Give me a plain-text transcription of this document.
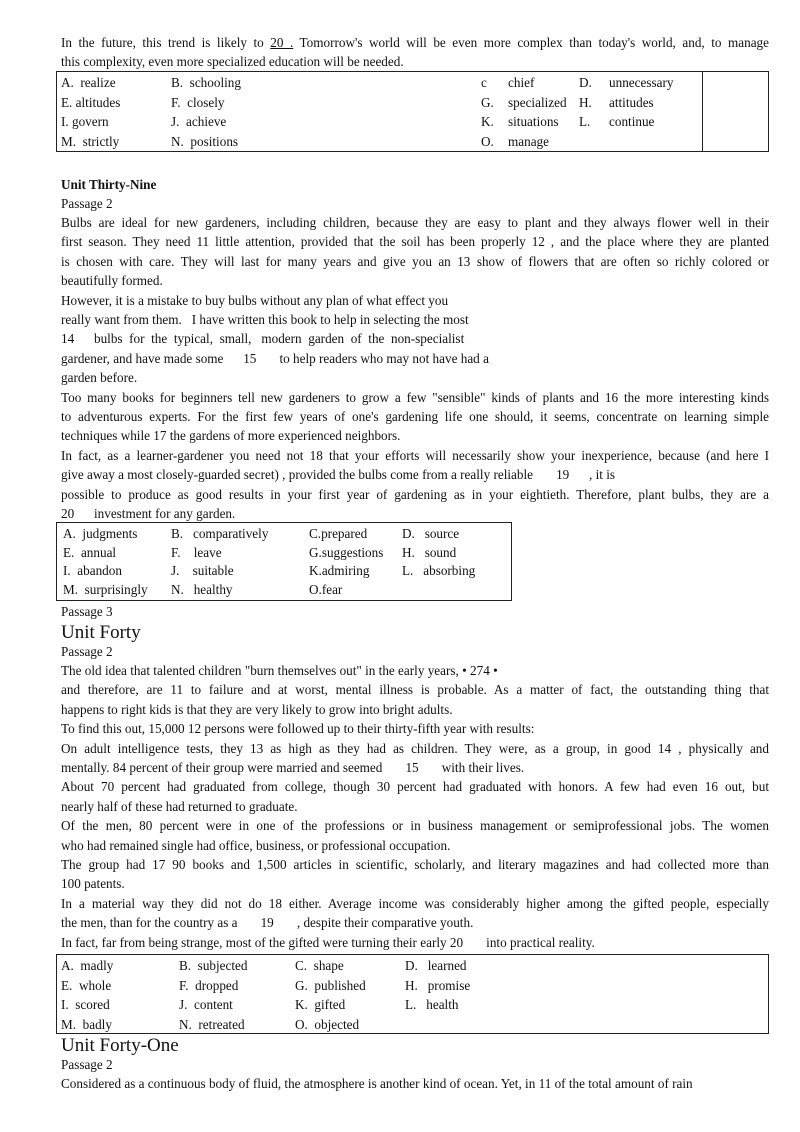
In the future, this trend is likely to 20 . Tomorrow's world will be even more complex than today's world, and, to manage
this complexity, even more specialized education will be needed.
A.  realize	B.  schooling	c chief	D. unnecessary
E. altitudes	F.  closely	G. specialized H. attitudes
I. govern	J.  achieve	K. situations L. continue
M.  strictly	N.  positions	O. manage
Unit Thirty-Nine
Passage 2
Bulbs are ideal for new gardeners, including children, because they are easy to plant and they always flower well in their
first season. They need 11 little attention, provided that the soil has been properly 12 , and the place where they are planted
is chosen with care. They will last for many years and give you an 13 show of flowers that are often so richly colored or
beautifully formed.
However, it is a mistake to buy bulbs without any plan of what effect you
really want from them.   I have written this book to help in selecting the most
14      bulbs  for  the  typical,  small,   modern  garden  of  the  non-specialist
gardener, and have made some      15       to help readers who may not have had a
garden before.
Too many books for beginners tell new gardeners to grow a few "sensible" kinds of plants and 16 the more interesting kinds
to adventurous experts. For the first few years of one's gardening life one should, it seems, concentrate on learning simple
techniques while 17 the gardens of more experienced neighbors.
In fact, as a learner-gardener you need not 18 that your efforts will necessarily show your inexperience, because (and here I
give away a most closely-guarded secret) , provided the bulbs come from a really reliable       19      , it is
possible to produce as good results in your first year of gardening as in your eightieth. Therefore, plant bulbs, they are a
20      investment for any garden.
A.  judgments	B.   comparatively	C.prepared	D.   source
E.  annual	F.    leave	G.suggestions H.   sound
I.  abandon	J.    suitable	K.admiring L.   absorbing
M.  surprisingly N.   healthy	O.fear
Passage 3
Unit Forty
Passage 2
The old idea that talented children "burn themselves out" in the early years, • 274 •
and therefore, are 11 to failure and at worst, mental illness is probable. As a matter of fact, the outstanding thing that
happens to right kids is that they are very likely to grow into bright adults.
To find this out, 15,000 12 persons were followed up to their thirty-fifth year with results:
On adult intelligence tests, they 13 as high as they had as children. They were, as a group, in good 14 , physically and
mentally. 84 percent of their group were married and seemed       15       with their lives.
About 70 percent had graduated from college, though 30 percent had graduated with honors. A few had even 16 out, but
nearly half of these had returned to graduate.
Of the men, 80 percent were in one of the professions or in business management or semiprofessional jobs. The women
who had remained single had office, business, or professional occupation.
The group had 17 90 books and 1,500 articles in scientific, scholarly, and literary magazines and had collected more than
100 patents.
In a material way they did not do 18 either. Average income was considerably higher among the gifted people, especially
the men, than for the country as a       19       , despite their comparative youth.
In fact, far from being strange, most of the gifted were turning their early 20       into practical reality.
A.  madly	B.  subjected	C.  shape	D.   learned
E.  whole	F.  dropped	G.  published	H.   promise
I.  scored	J.  content	K.  gifted	L.   health
M.  badly	N.  retreated	O.  objected
Unit Forty-One
Passage 2
Considered as a continuous body of fluid, the atmosphere is another kind of ocean. Yet, in 11 of the total amount of rain
